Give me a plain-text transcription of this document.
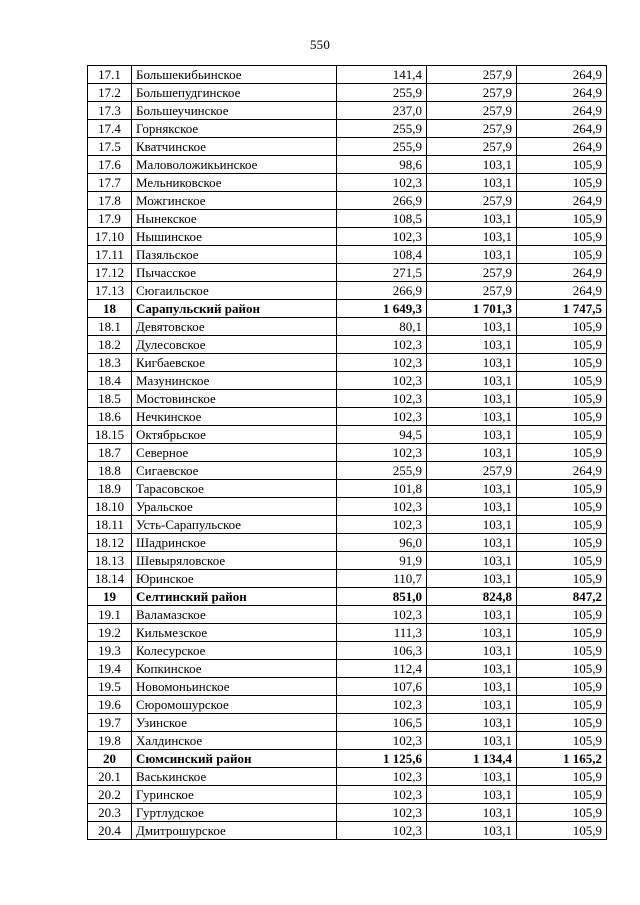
550
17.1	Большекибьинское	141,4	257,9	264,9
17.2	Большепудгинское	255,9	257,9	264,9
17.3	Большеучинское	237,0	257,9	264,9
17.4	Горнякское	255,9	257,9	264,9
17.5	Кватчинское	255,9	257,9	264,9
17.6	Маловоложикьинское	98,6	103,1	105,9
17.7	Мельниковское	102,3	103,1	105,9
17.8	Можгинское	266,9	257,9	264,9
17.9	Нынекское	108,5	103,1	105,9
17.10	Нышинское	102,3	103,1	105,9
17.11	Пазяльское	108,4	103,1	105,9
17.12	Пычасское	271,5	257,9	264,9
17.13	Сюгаильское	266,9	257,9	264,9
18	Сарапульский район	1 649,3	1 701,3	1 747,5
18.1	Девятовское	80,1	103,1	105,9
18.2	Дулесовское	102,3	103,1	105,9
18.3	Кигбаевское	102,3	103,1	105,9
18.4	Мазунинское	102,3	103,1	105,9
18.5	Мостовинское	102,3	103,1	105,9
18.6	Нечкинское	102,3	103,1	105,9
18.15	Октябрьское	94,5	103,1	105,9
18.7	Северное	102,3	103,1	105,9
18.8	Сигаевское	255,9	257,9	264,9
18.9	Тарасовское	101,8	103,1	105,9
18.10	Уральское	102,3	103,1	105,9
18.11	Усть-Сарапульское	102,3	103,1	105,9
18.12	Шадринское	96,0	103,1	105,9
18.13	Шевыряловское	91,9	103,1	105,9
18.14	Юринское	110,7	103,1	105,9
19	Селтинский район	851,0	824,8	847,2
19.1	Валамазское	102,3	103,1	105,9
19.2	Кильмезское	111,3	103,1	105,9
19.3	Колесурское	106,3	103,1	105,9
19.4	Копкинское	112,4	103,1	105,9
19.5	Новомоньинское	107,6	103,1	105,9
19.6	Сюромошурское	102,3	103,1	105,9
19.7	Узинское	106,5	103,1	105,9
19.8	Халдинское	102,3	103,1	105,9
20	Сюмсинский район	1 125,6	1 134,4	1 165,2
20.1	Васькинское	102,3	103,1	105,9
20.2	Гуринское	102,3	103,1	105,9
20.3	Гуртлудское	102,3	103,1	105,9
20.4	Дмитрошурское	102,3	103,1	105,9
